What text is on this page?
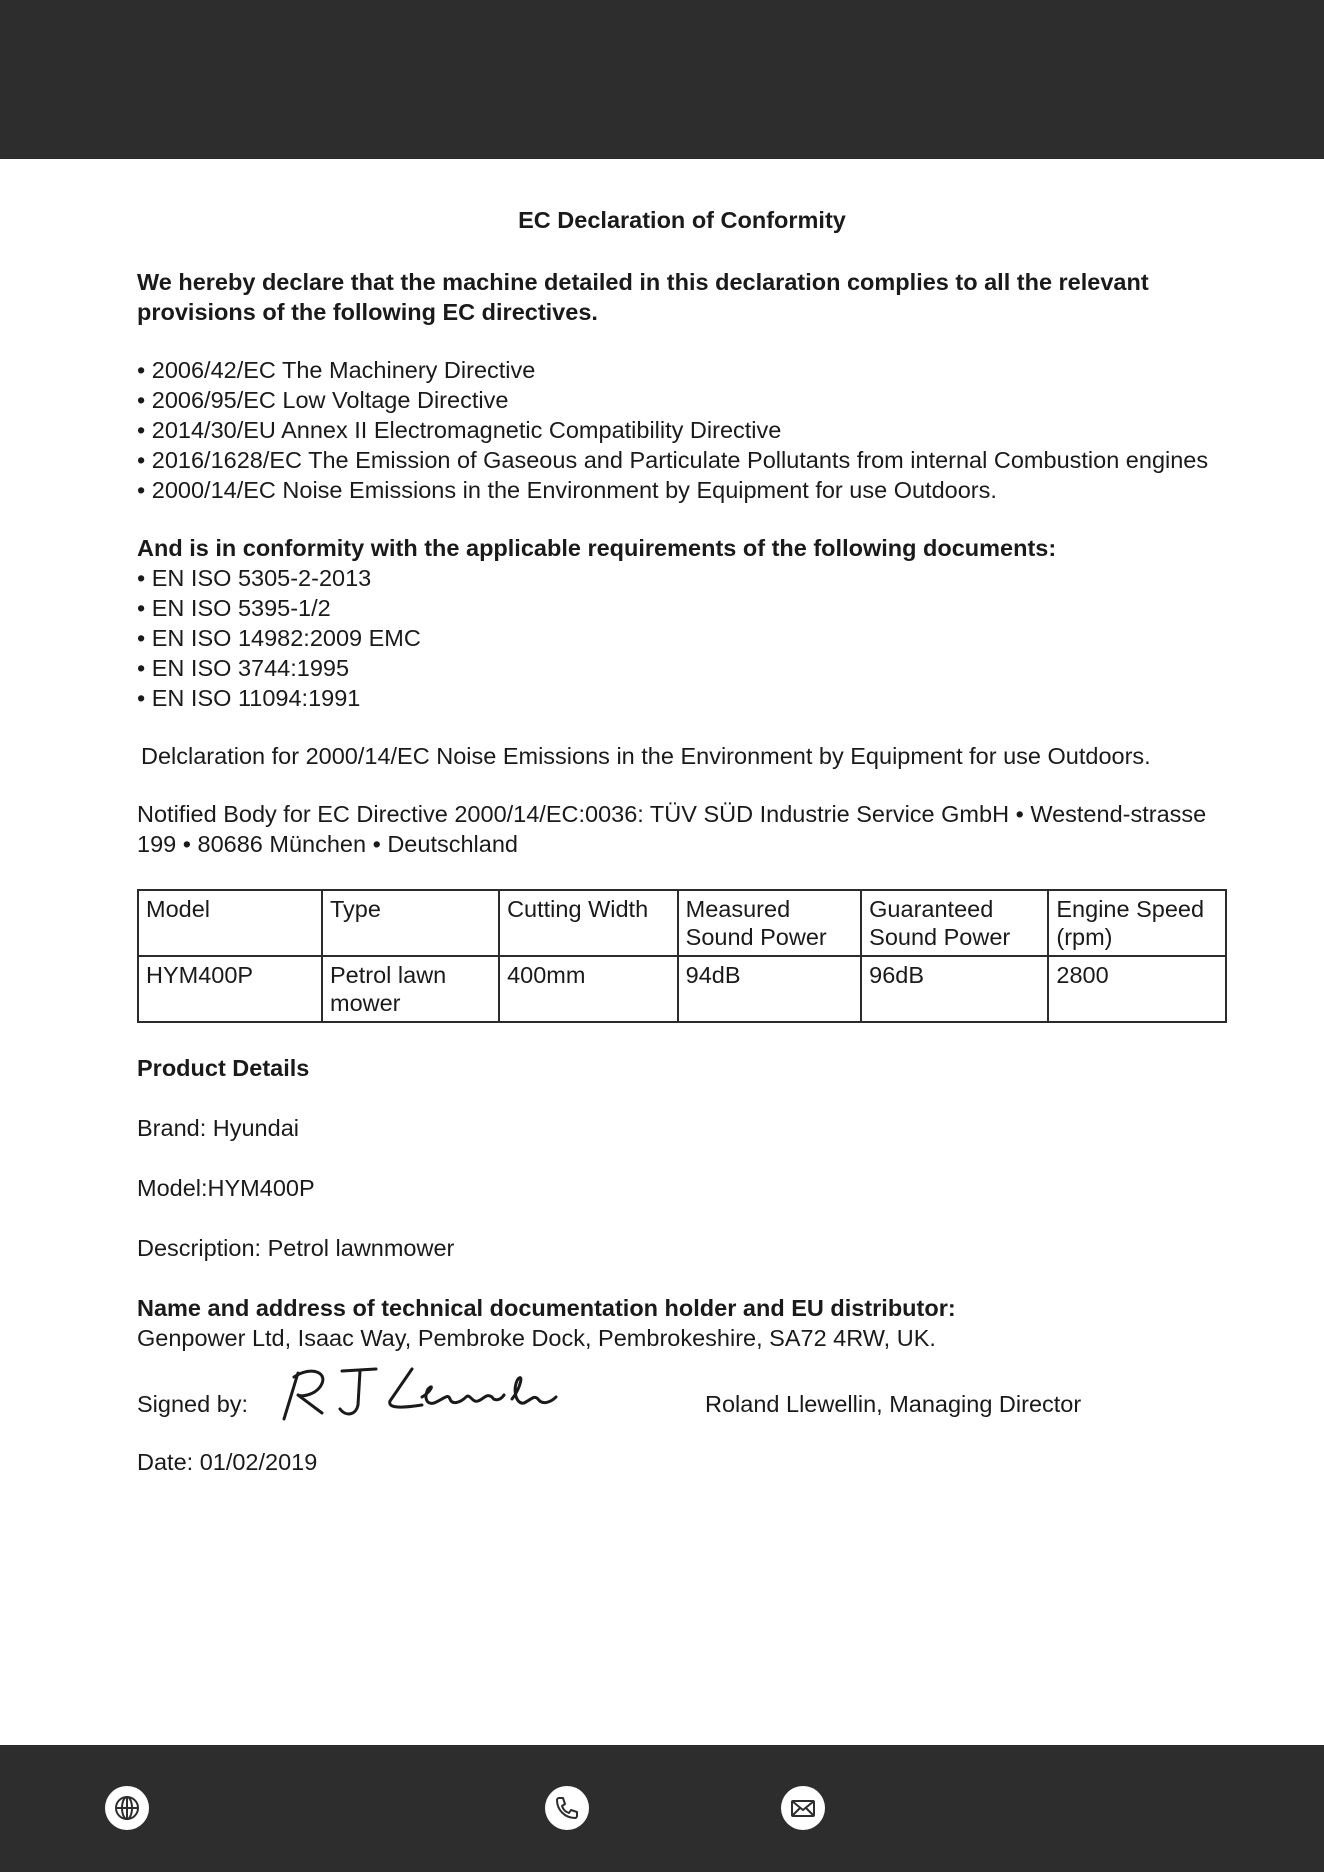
EC Declaration of Conformity
We hereby declare that the machine detailed in this declaration complies to all the relevant provisions of the following EC directives.
• 2006/42/EC The Machinery Directive
• 2006/95/EC Low Voltage Directive
• 2014/30/EU Annex II Electromagnetic Compatibility Directive
• 2016/1628/EC The Emission of Gaseous and Particulate Pollutants from internal Combustion engines
• 2000/14/EC Noise Emissions in the Environment by Equipment for use Outdoors.
And is in conformity with the applicable requirements of the following documents:
• EN ISO 5305-2-2013
• EN ISO 5395-1/2
• EN ISO 14982:2009 EMC
• EN ISO 3744:1995
• EN ISO 11094:1991
Delclaration for 2000/14/EC Noise Emissions in the Environment by Equipment for use Outdoors.
Notified Body for EC Directive 2000/14/EC:0036: TÜV SÜD Industrie Service GmbH • Westend-strasse 199 • 80686 München • Deutschland
Model	Type	Cutting Width	Measured Sound Power	Guaranteed Sound Power	Engine Speed (rpm)
HYM400P	Petrol lawn mower	400mm	94dB	96dB	2800
Product Details
Brand: Hyundai
Model:HYM400P
Description: Petrol lawnmower
Name and address of technical documentation holder and EU distributor:
Genpower Ltd, Isaac Way, Pembroke Dock, Pembrokeshire, SA72 4RW, UK.
Signed by:	Roland Llewellin, Managing Director
Date: 01/02/2019
